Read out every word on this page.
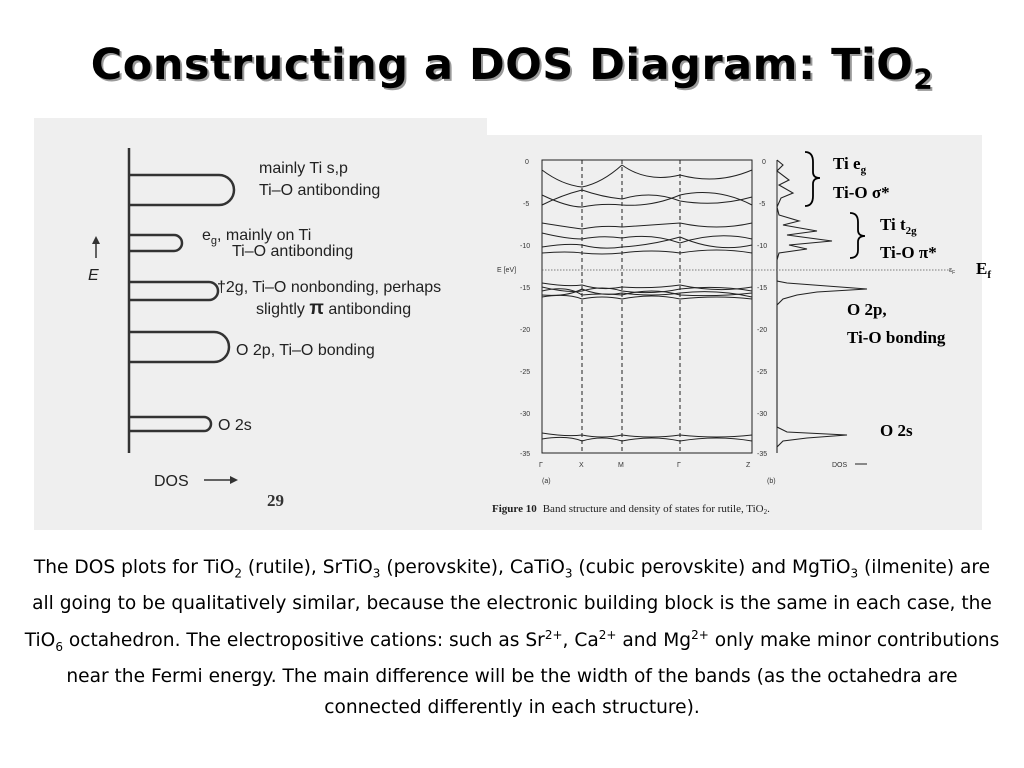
Constructing a DOS Diagram: TiO$_2$
E
mainly Ti s,p
Ti–O antibonding
$e_g$, mainly on Ti
Ti–O antibonding
†2g, Ti–O nonbonding, perhaps
slightly π antibonding
O 2p, Ti–O bonding
O 2s
DOS
29
0
-5
-10
-15
-20
-25
-30
-35
E [eV]
Γ	X	M	Γ	Z
(a)	(b)
0
-5
-10
-15
-20
-25
-30
-35
DOS
$\varepsilon_F$
Figure 10 Band structure and density of states for rutile, TiO2.
Ti $e_g$
Ti-O σ*
Ti $t_{2g}$
Ti-O π*
$E_f$
O 2p,
Ti-O bonding
O 2s
The DOS plots for TiO$_2$ (rutile), SrTiO$_3$ (perovskite), CaTiO$_3$ (cubic perovskite) and MgTiO$_3$ (ilmenite) are all going to be qualitatively similar, because the electronic building block is the same in each case, the TiO$_6$ octahedron. The electropositive cations: such as $Sr^{2+}$, $Ca^{2+}$ and $Mg^{2+}$ only make minor contributions near the Fermi energy. The main difference will be the width of the bands (as the octahedra are connected differently in each structure).
